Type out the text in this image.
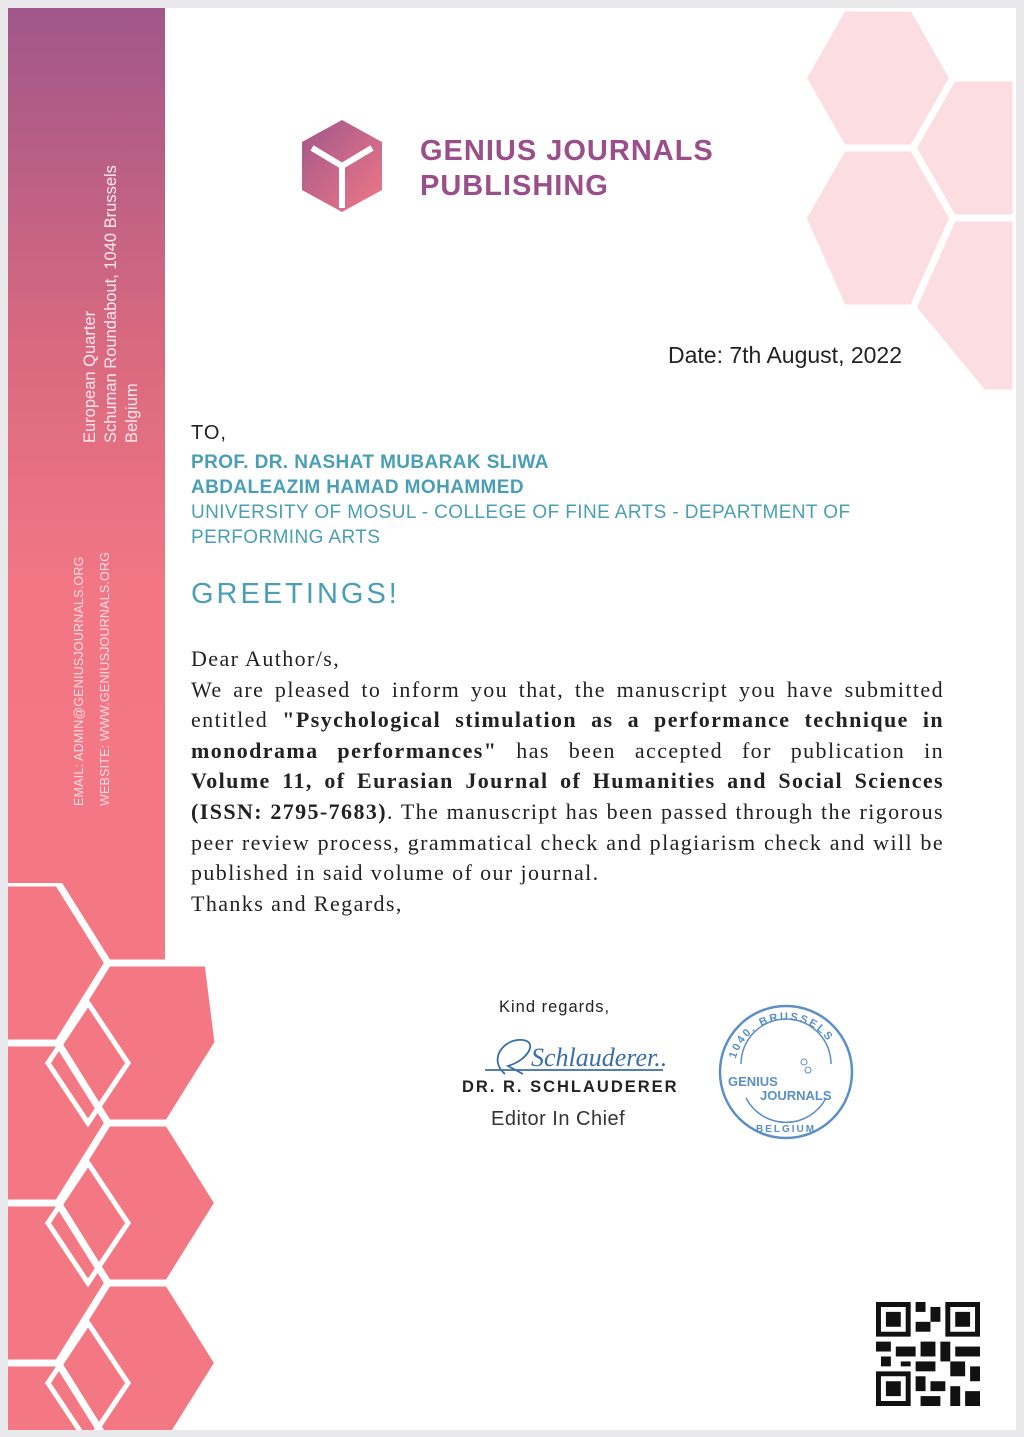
European Quarter Schuman Roundabout, 1040 Brussels Belgium
EMAIL: ADMIN@GENIUSJOURNALS.ORG WEBSITE: WWW.GENIUSJOURNALS.ORG
GENIUS JOURNALS
PUBLISHING
Date: 7th August, 2022
TO,
PROF. DR. NASHAT MUBARAK SLIWA
ABDALEAZIM HAMAD MOHAMMED
UNIVERSITY OF MOSUL - COLLEGE OF FINE ARTS - DEPARTMENT OF PERFORMING ARTS
GREETINGS!

Dear Author/s,

We are pleased to inform you that, the manuscript you have submitted entitled "Psychological stimulation as a performance technique in monodrama performances" has been accepted for publication in Volume 11, of Eurasian Journal of Humanities and Social Sciences (ISSN: 2795-7683). The manuscript has been passed through the rigorous peer review process, grammatical check and plagiarism check and will be published in said volume of our journal.

Thanks and Regards,

Kind regards,
Schlauderer..
DR. R. SCHLAUDERER
Editor In Chief
1040. BRUSSELS
BELGIUM
GENIUS
JOURNALS
